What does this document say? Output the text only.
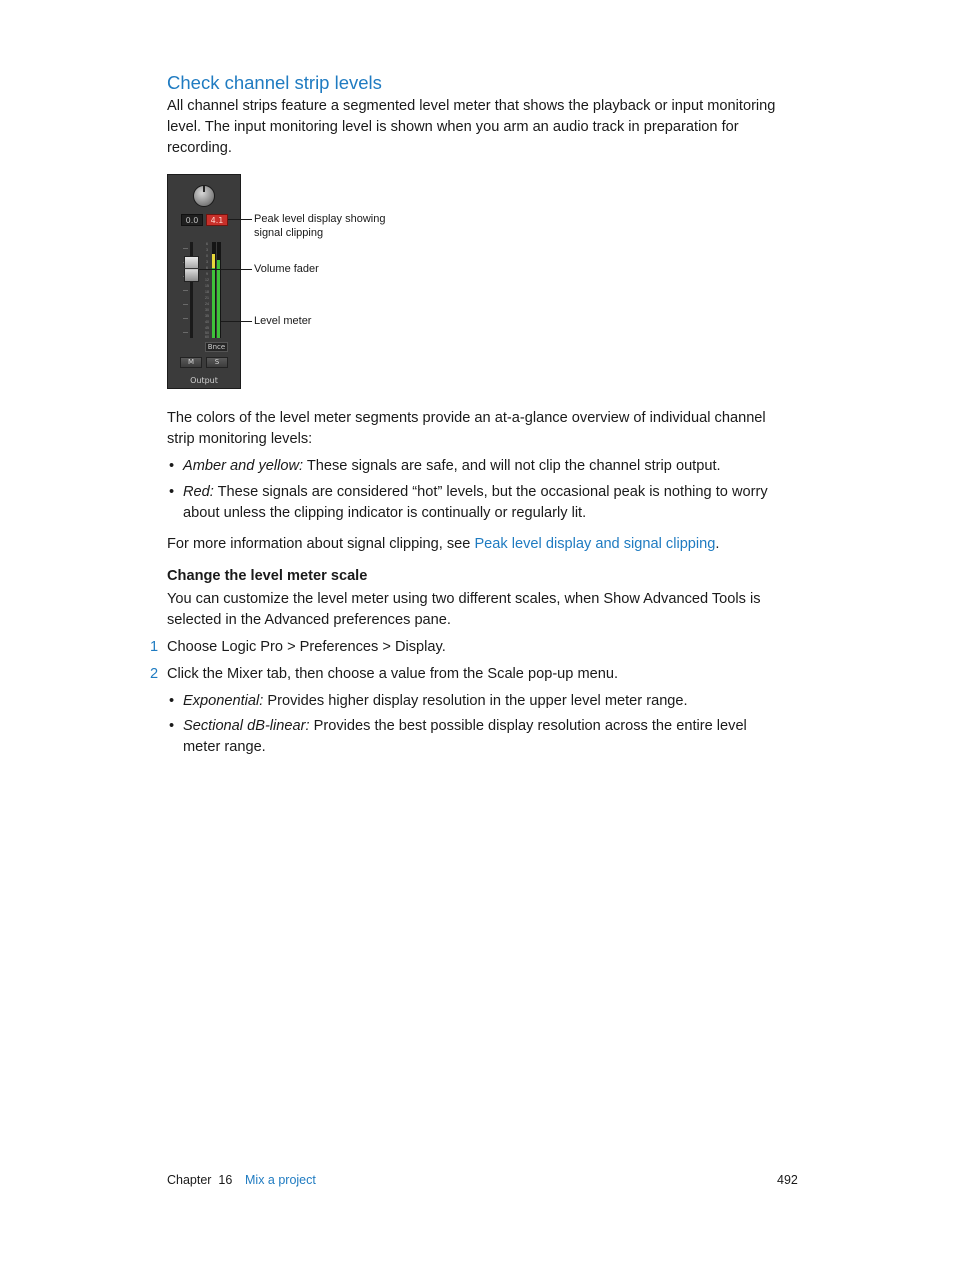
Check channel strip levels

All channel strips feature a segmented level meter that shows the playback or input monitoring level. The input monitoring level is shown when you arm an audio track in preparation for recording.

0.0	4.1
6
3
0
3
6
9
12
15
18
21
24
30
35
40
45
50
60
Bnce
M	S
Output
Peak level display showing signal clipping
Volume fader
Level meter

The colors of the level meter segments provide an at-a-glance overview of individual channel strip monitoring levels:

• Amber and yellow: These signals are safe, and will not clip the channel strip output.

• Red: These signals are considered “hot” levels, but the occasional peak is nothing to worry about unless the clipping indicator is continually or regularly lit.

For more information about signal clipping, see Peak level display and signal clipping.

Change the level meter scale

You can customize the level meter using two different scales, when Show Advanced Tools is selected in the Advanced preferences pane.

1 Choose Logic Pro > Preferences > Display.

2 Click the Mixer tab, then choose a value from the Scale pop-up menu.

• Exponential: Provides higher display resolution in the upper level meter range.

• Sectional dB-linear: Provides the best possible display resolution across the entire level meter range.

Chapter  16 Mix a project	492
